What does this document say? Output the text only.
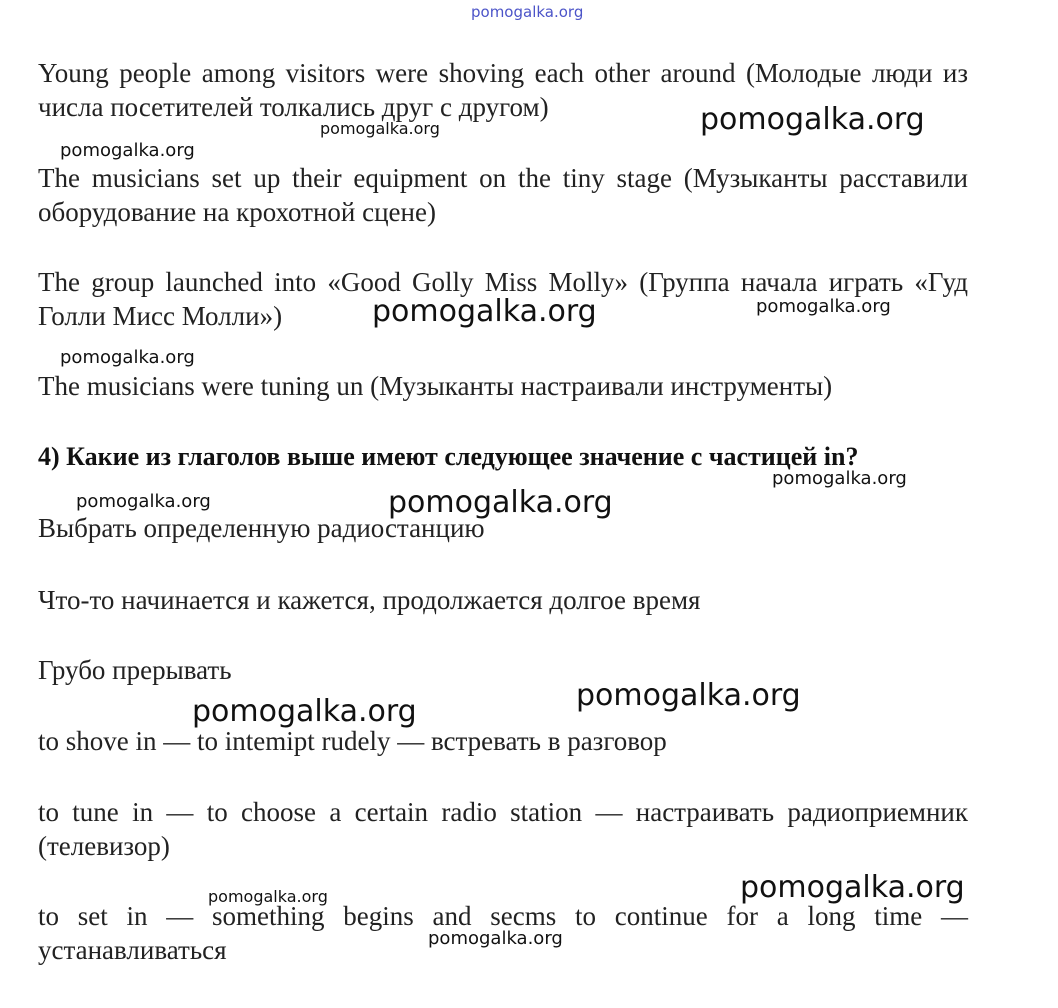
pomogalka.org

Young people among visitors were shoving each other around (Молодые люди из числа посетителей толкались друг с другом)

The musicians set up their equipment on the tiny stage (Музыканты расставили оборудование на крохотной сцене)

The group launched into «Good Golly Miss Molly» (Группа начала играть «Гуд Голли Мисс Молли»)

The musicians were tuning un (Музыканты настраивали инструменты)

4) Какие из глаголов выше имеют следующее значение с частицей in?

Выбрать определенную радиостанцию

Что-то начинается и кажется, продолжается долгое время

Грубо прерывать

to shove in — to intemipt rudely — встревать в разговор

to tune in — to choose a certain radio station — настраивать радиоприемник (телевизор)

to set in — something begins and secms to continue for a long time — устанавливаться

pomogalka.org
pomogalka.org
pomogalka.org
pomogalka.org
pomogalka.org
pomogalka.org
pomogalka.org
pomogalka.org	pomogalka.org
pomogalka.org
pomogalka.org
pomogalka.org
pomogalka.org
pomogalka.org
